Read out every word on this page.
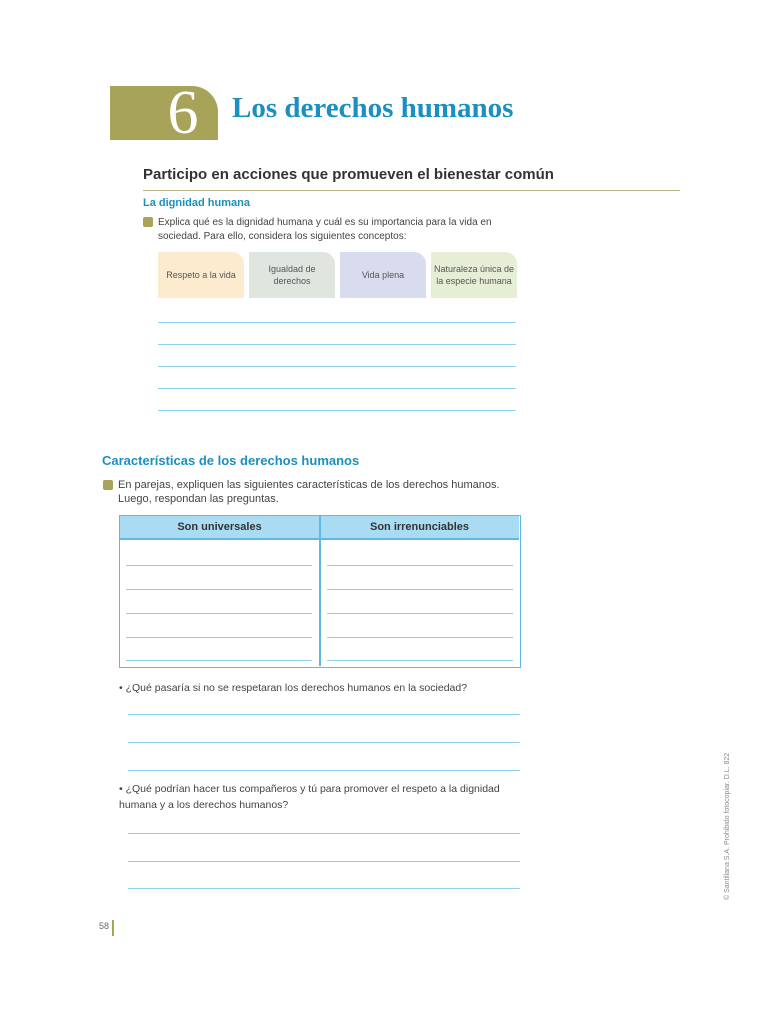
6	Los derechos humanos
Participo en acciones que promueven el bienestar común
La dignidad humana
Explica qué es la dignidad humana y cuál es su importancia para la vida en sociedad. Para ello, considera los siguientes conceptos:
Respeto a la vida
Igualdad de derechos
Vida plena
Naturaleza única de la especie humana
Características de los derechos humanos
En parejas, expliquen las siguientes características de los derechos humanos. Luego, respondan las preguntas.
Son universales	Son irrenunciables
• ¿Qué pasaría si no se respetaran los derechos humanos en la sociedad?
• ¿Qué podrían hacer tus compañeros y tú para promover el respeto a la dignidad humana y a los derechos humanos?
58
© Santillana S.A. Prohibido fotocopiar. D.L. 822
